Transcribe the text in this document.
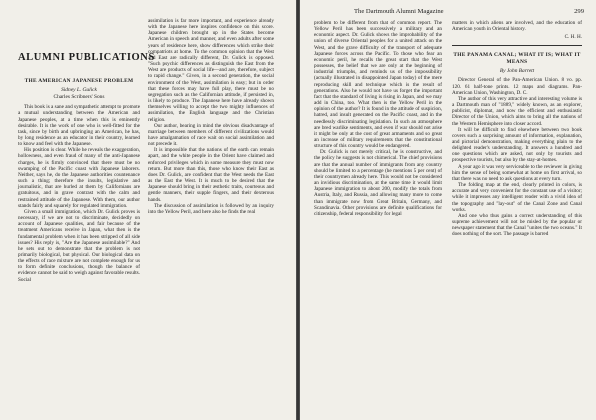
ALUMNI PUBLICATIONS
THE AMERICAN JAPANESE PROBLEM
Sidney L. Gulick
Charles Scribners' Sons

This book is a sane and sympathetic attempt to promote a mutual understanding between the American and Japanese peoples, at a time when this is eminently desirable. It is the work of one who is well-fitted for the task, since by birth and upbringing an American, he has, by long residence as an educator in their country, learned to know and feel with the Japanese.

His position is clear. While he reveals the exaggeration, hollowness, and even fraud of many of the anti-Japanese charges, he is firmly convinced that there must be no swamping of the Pacific coast with Japanese laborers. Neither, says he, do the Japanese authorities countenance such a thing; therefore the insults, legislative and journalistic, that are hurled at them by Californians are gratuitous, and in grave contrast with the calm and restrained attitude of the Japanese. With them, our author stands fairly and squarely for regulated immigration.

Given a small immigration, which Dr. Gulick proves is necessary, if we are not to discriminate, decidedly on account of Japanese qualities, and fair because of the treatment Americans receive in Japan, what then is the fundamental problem when it has been stripped of all side issues? His reply is, "Are the Japanese assimilable?" And he sets out to demonstrate that the problem is not primarily biological, but physical. Our biological data on the effects of race mixture are not complete enough for us to form definite conclusions, though the balance of evidence cannot be said to weigh against favorable results. Social

assimilation is far more important, and experience already with the Japanese here inspires confidence on this score. Japanese children brought up in the States become American in speech and manner, and even adults after some years of residence here, show differences which strike their compatriots at home. To the common opinion that the West and East are radically different, Dr. Gulick is opposed. "Such psychic differences as distinguish the East from the West are products of social life—and are, therefore, subject to rapid change." Given, in a second generation, the social environment of the West, assimilation is easy; but in order that these forces may have full play, there must be no segregation such as the Californian attitude, if persisted in, is likely to produce. The Japanese here have already shown themselves willing to accept the two mighty influences of assimilation, the English language and the Christian religion.

Our author, bearing in mind the obvious disadvantage of marriage between members of different civilizations would have amalgamation of race wait on social assimilation and not precede it.

It is impossible that the nations of the earth can remain apart, and the white people in the Orient have claimed and enforced privileges which in some measure they must now return. But more than this, those who know their East as does Dr. Gulick, are confident that the West needs the East as the East the West. It is much to be desired that the Japanese should bring in their æsthetic traits, courteous and gentle manners, their supple fingers, and their dexterous hands.

The discussion of assimilation is followed by an inquiry into the Yellow Peril, and here also he finds the real

The Dartmouth Alumni Magazine	299

problem to be different from that of common report. The Yellow Peril has been successively a military and an economic aspect. Dr. Gulick shows the improbability of the union of diverse Oriental peoples for a united attack on the West, and the grave difficulty of the transport of adequate Japanese forces across the Pacific. To those who fear an economic peril, he recalls the great start that the West possesses, the belief that we are only at the beginning of industrial triumphs, and reminds us of the impossibility (actually illustrated in disappointed Japan today) of the mere reproducing skill and technique which is the result of generations. Also he would not have us forget the important fact that the standard of living is rising in Japan, and we may add in China, too. What then is the Yellow Peril in the opinion of the author? It is found in the attitude of suspicion, hatred, and insult generated on the Pacific coast, and in the needlessly discriminating legislation. In such an atmosphere are bred warlike sentiments, and even if war should not arise it might be only at the cost of great armaments and so great an increase of military requirements that the constitutional structure of this country would be endangered.

Dr. Gulick is not merely critical, he is constructive, and the policy he suggests is not chimerical. The chief provisions are that the annual number of immigrants from any country should be limited to a percentage (he mentions 5 per cent) of their countrymen already here. This would not be considered an invidious discrimination, at the same time it would limit Japanese immigration to about 200, modify the totals from Austria, Italy, and Russia, and allowing many more to come than immigrate now from Great Britain, Germany, and Scandinavia. Other provisions are definite qualifications for citizenship, federal responsibility for legal

matters in which aliens are involved, and the education of American youth in Oriental history.

C. H. H.
THE PANAMA CANAL; WHAT IT IS; WHAT IT MEANS
By John Barrett

Director General of the Pan-American Union. 8 vo. pp. 120. 61 half-tone prints. 12 maps and diagrams. Pan-American Union, Washington, D. C.

The author of this very attractive and interesting volume is a Dartmouth man of "1889," widely known, as an explorer, publicist, diplomat, and now the efficient and enthusiastic Director of the Union, which aims to bring all the nations of the Western Hemisphere into closer accord.

It will be difficult to find elsewhere between two book covers such a surprising amount of information, explanation, and pictorial demonstration, making everything plain to the delighted reader's understanding. It answers a hundred and one questions which are asked, not only by tourists and prospective tourists, but also by the stay-at-homes.

A year ago it was very serviceable to the reviewer in giving him the sense of being somewhat at home on first arrival, so that there was no need to ask questions at every turn.

The folding map at the end, clearly printed in colors, is accurate and very convenient for the constant use of a visitor; while it impresses any intelligent reader with a vivid idea of the topography and "lay-out" of the Canal Zone and Canal works.

And one who thus gains a correct understanding of this supreme achievement will not be misled by the popular or newspaper statement that the Canal "unites the two oceans." It does nothing of the sort. The passage is barred
